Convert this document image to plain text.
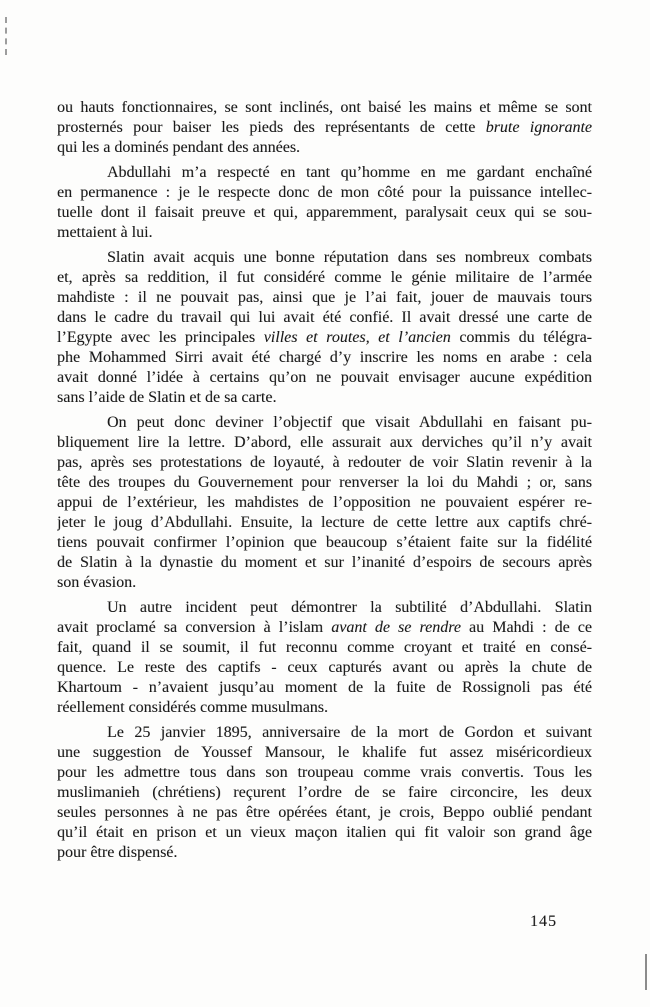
ou hauts fonctionnaires, se sont inclinés, ont baisé les mains et même se sont
prosternés pour baiser les pieds des représentants de cette brute ignorante
qui les a dominés pendant des années.
Abdullahi m’a respecté en tant qu’homme en me gardant enchaîné
en permanence : je le respecte donc de mon côté pour la puissance intellec-
tuelle dont il faisait preuve et qui, apparemment, paralysait ceux qui se sou-
mettaient à lui.
Slatin avait acquis une bonne réputation dans ses nombreux combats
et, après sa reddition, il fut considéré comme le génie militaire de l’armée
mahdiste : il ne pouvait pas, ainsi que je l’ai fait, jouer de mauvais tours
dans le cadre du travail qui lui avait été confié. Il avait dressé une carte de
l’Egypte avec les principales villes et routes, et l’ancien commis du télégra-
phe Mohammed Sirri avait été chargé d’y inscrire les noms en arabe : cela
avait donné l’idée à certains qu’on ne pouvait envisager aucune expédition
sans l’aide de Slatin et de sa carte.
On peut donc deviner l’objectif que visait Abdullahi en faisant pu-
bliquement lire la lettre. D’abord, elle assurait aux derviches qu’il n’y avait
pas, après ses protestations de loyauté, à redouter de voir Slatin revenir à la
tête des troupes du Gouvernement pour renverser la loi du Mahdi ; or, sans
appui de l’extérieur, les mahdistes de l’opposition ne pouvaient espérer re-
jeter le joug d’Abdullahi. Ensuite, la lecture de cette lettre aux captifs chré-
tiens pouvait confirmer l’opinion que beaucoup s’étaient faite sur la fidélité
de Slatin à la dynastie du moment et sur l’inanité d’espoirs de secours après
son évasion.
Un autre incident peut démontrer la subtilité d’Abdullahi. Slatin
avait proclamé sa conversion à l’islam avant de se rendre au Mahdi : de ce
fait, quand il se soumit, il fut reconnu comme croyant et traité en consé-
quence. Le reste des captifs - ceux capturés avant ou après la chute de
Khartoum - n’avaient jusqu’au moment de la fuite de Rossignoli pas été
réellement considérés comme musulmans.
Le 25 janvier 1895, anniversaire de la mort de Gordon et suivant
une suggestion de Youssef Mansour, le khalife fut assez miséricordieux
pour les admettre tous dans son troupeau comme vrais convertis. Tous les
muslimanieh (chrétiens) reçurent l’ordre de se faire circoncire, les deux
seules personnes à ne pas être opérées étant, je crois, Beppo oublié pendant
qu’il était en prison et un vieux maçon italien qui fit valoir son grand âge
pour être dispensé.
145
